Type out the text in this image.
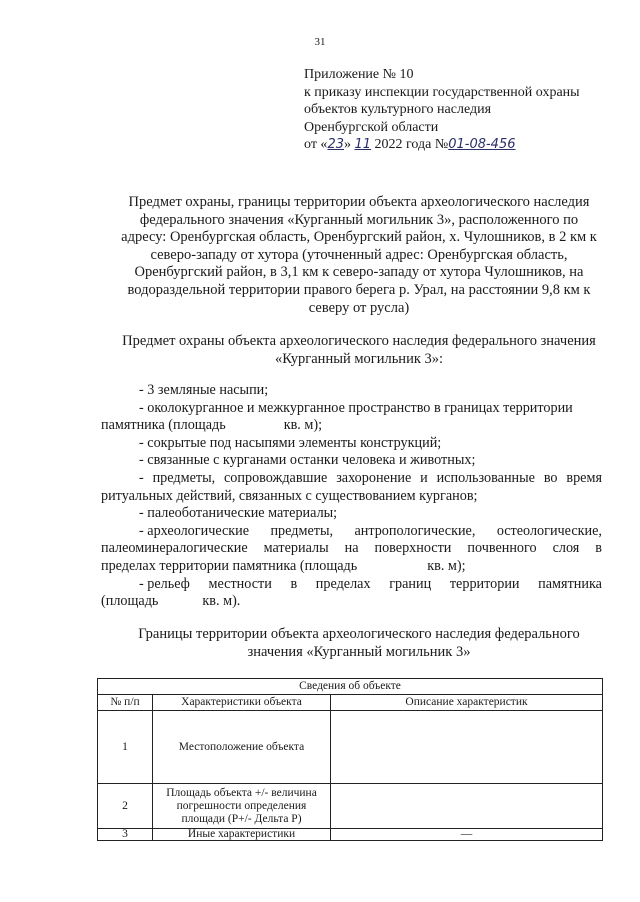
31
Приложение № 10
к приказу инспекции государственной охраны
объектов культурного наследия
Оренбургской области
от «23» 11 2022 года №01-08-456
Предмет охраны, границы территории объекта археологического наследия
федерального значения «Курганный могильник 3», расположенного по
адресу: Оренбургская область, Оренбургский район, х. Чулошников, в 2 км к
северо-западу от хутора (уточненный адрес: Оренбургская область,
Оренбургский район, в 3,1 км к северо-западу от хутора Чулошников, на
водораздельной территории правого берега р. Урал, на расстоянии 9,8 км к
северу от русла)
Предмет охраны объекта археологического наследия федерального значения
«Курганный могильник 3»:
- 3 земляные насыпи;
- околокурганное и межкурганное пространство в границах территории
памятника (площадь	кв. м);
- сокрытые под насыпями элементы конструкций;
- связанные с курганами останки человека и животных;
- предметы, сопровождавшие захоронение и использованные во время
ритуальных действий, связанных с существованием курганов;
- палеоботанические материалы;
- археологические предметы, антропологические, остеологические,
палеоминералогические материалы на поверхности почвенного слоя в
пределах территории памятника (площадь	кв. м);
- рельеф местности в пределах границ территории памятника
(площадь	кв. м).
Границы территории объекта археологического наследия федерального
значения «Курганный могильник 3»
Сведения об объекте		
№ п/п	Характеристики объекта	Описание характеристик
1	Местоположение объекта	
2	Площадь объекта +/- величина погрешности определения площади (Р+/- Дельта Р)	
3	Иные характеристики	—
